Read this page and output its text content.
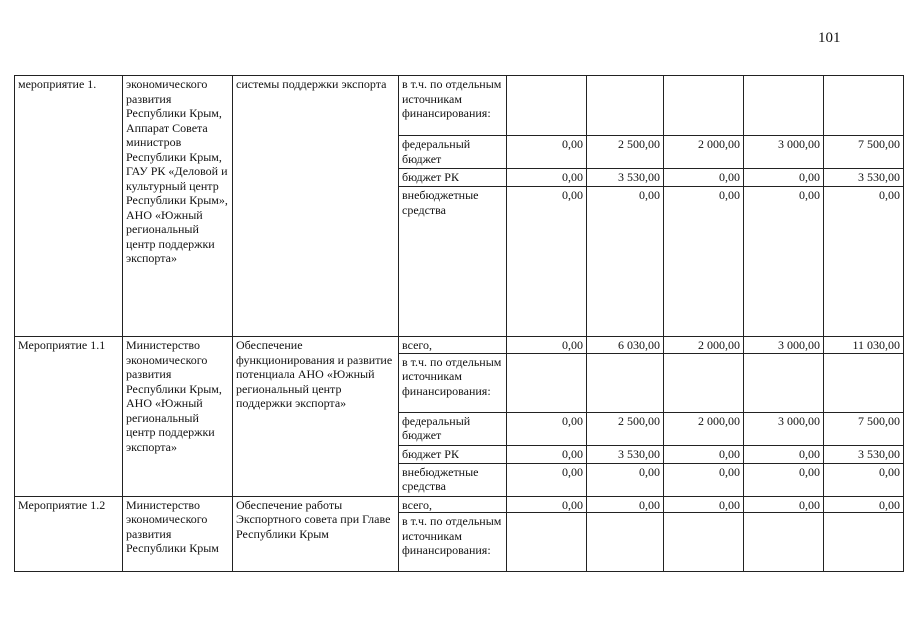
101
мероприятие 1.	экономического развития Республики Крым, Аппарат Совета министров Республики Крым, ГАУ РК «Деловой и культурный центр Республики Крым», АНО «Южный региональный центр поддержки экспорта»	системы поддержки экспорта	в т.ч. по отдельным источникам финансирования:					
			федеральный бюджет	0,00	2 500,00	2 000,00	3 000,00	7 500,00
			бюджет РК	0,00	3 530,00	0,00	0,00	3 530,00
			внебюджетные средства	0,00	0,00	0,00	0,00	0,00
Мероприятие 1.1	Министерство экономического развития Республики Крым, АНО «Южный региональный центр поддержки экспорта»	Обеспечение функционирования и развитие потенциала АНО «Южный региональный центр поддержки экспорта»	всего,	0,00	6 030,00	2 000,00	3 000,00	11 030,00
			в т.ч. по отдельным источникам финансирования:					
			федеральный бюджет	0,00	2 500,00	2 000,00	3 000,00	7 500,00
			бюджет РК	0,00	3 530,00	0,00	0,00	3 530,00
			внебюджетные средства	0,00	0,00	0,00	0,00	0,00
Мероприятие 1.2	Министерство экономического развития Республики Крым	Обеспечение работы Экспортного совета при Главе Республики Крым	всего,	0,00	0,00	0,00	0,00	0,00
			в т.ч. по отдельным источникам финансирования:					
